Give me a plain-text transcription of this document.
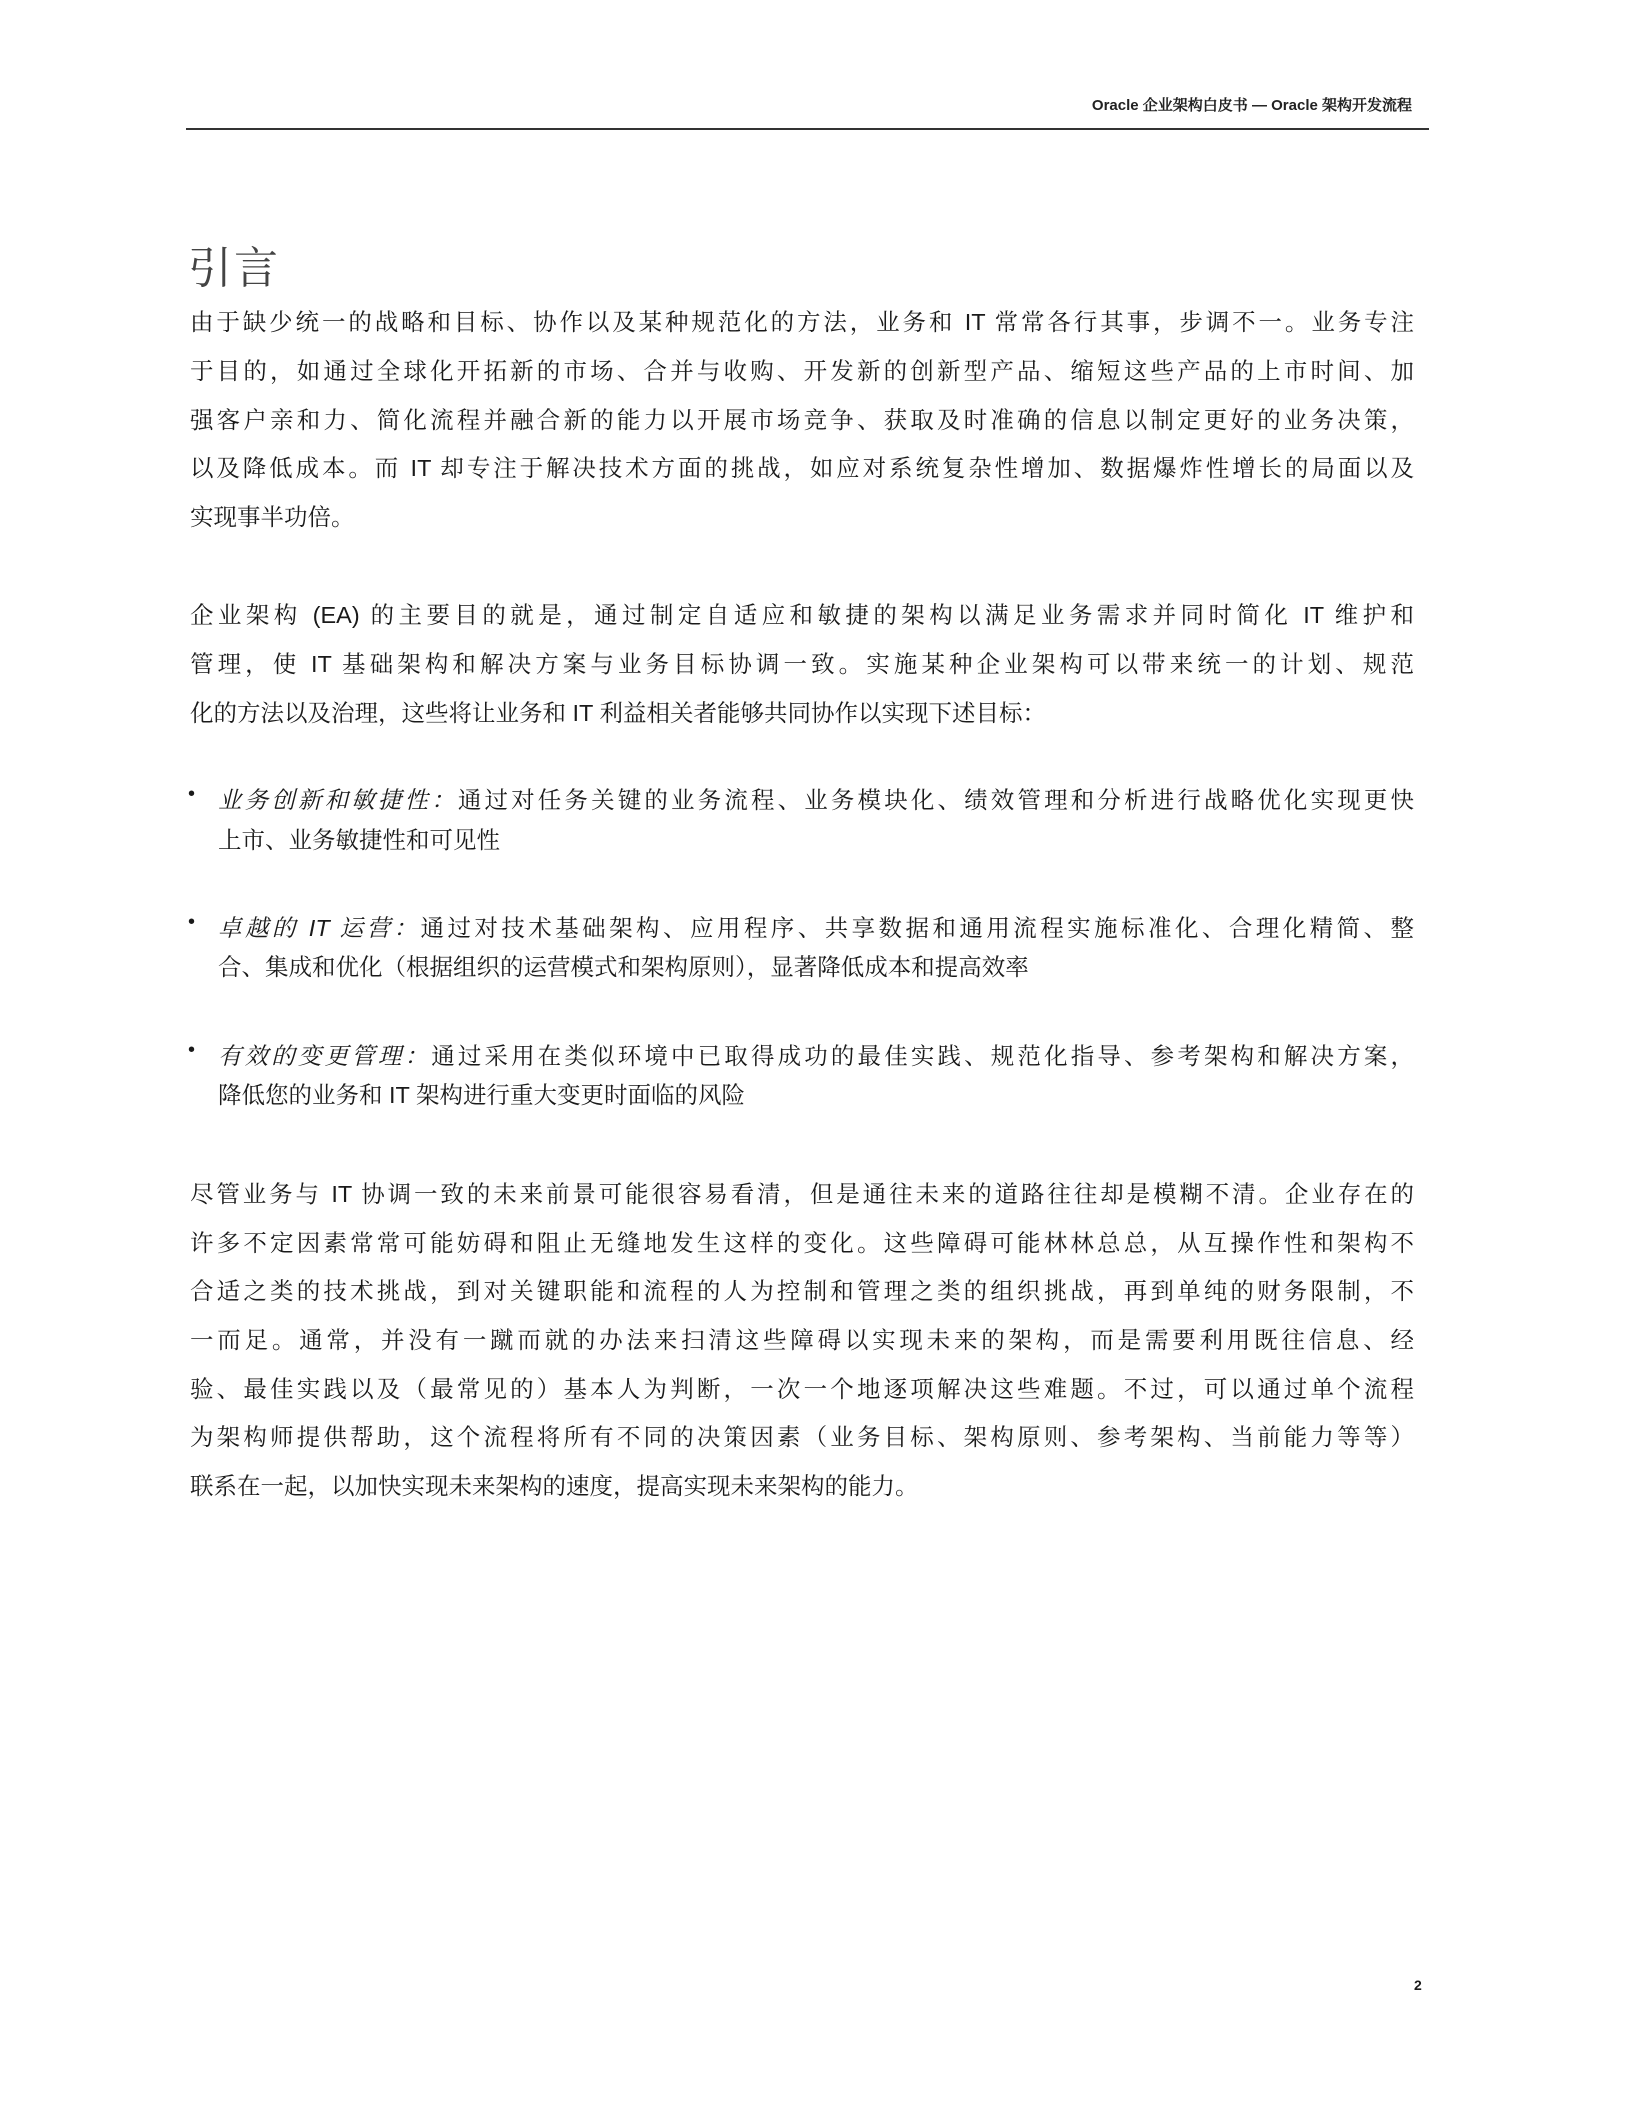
Oracle 企业架构白皮书 — Oracle 架构开发流程
引言
由于缺少统一的战略和目标、协作以及某种规范化的方法，业务和 IT 常常各行其事，步调不一。业务专注
于目的，如通过全球化开拓新的市场、合并与收购、开发新的创新型产品、缩短这些产品的上市时间、加
强客户亲和力、简化流程并融合新的能力以开展市场竞争、获取及时准确的信息以制定更好的业务决策，
以及降低成本。而 IT 却专注于解决技术方面的挑战，如应对系统复杂性增加、数据爆炸性增长的局面以及
实现事半功倍。
企业架构 (EA) 的主要目的就是，通过制定自适应和敏捷的架构以满足业务需求并同时简化 IT 维护和
管理，使 IT 基础架构和解决方案与业务目标协调一致。实施某种企业架构可以带来统一的计划、规范
化的方法以及治理，这些将让业务和 IT 利益相关者能够共同协作以实现下述目标：
• 业务创新和敏捷性：通过对任务关键的业务流程、业务模块化、绩效管理和分析进行战略优化实现更快
上市、业务敏捷性和可见性
• 卓越的 IT 运营：通过对技术基础架构、应用程序、共享数据和通用流程实施标准化、合理化精简、整
合、集成和优化（根据组织的运营模式和架构原则），显著降低成本和提高效率
• 有效的变更管理：通过采用在类似环境中已取得成功的最佳实践、规范化指导、参考架构和解决方案，
降低您的业务和 IT 架构进行重大变更时面临的风险
尽管业务与 IT 协调一致的未来前景可能很容易看清，但是通往未来的道路往往却是模糊不清。企业存在的
许多不定因素常常可能妨碍和阻止无缝地发生这样的变化。这些障碍可能林林总总，从互操作性和架构不
合适之类的技术挑战，到对关键职能和流程的人为控制和管理之类的组织挑战，再到单纯的财务限制，不
一而足。通常，并没有一蹴而就的办法来扫清这些障碍以实现未来的架构，而是需要利用既往信息、经
验、最佳实践以及（最常见的）基本人为判断，一次一个地逐项解决这些难题。不过，可以通过单个流程
为架构师提供帮助，这个流程将所有不同的决策因素（业务目标、架构原则、参考架构、当前能力等等）
联系在一起，以加快实现未来架构的速度，提高实现未来架构的能力。
2
